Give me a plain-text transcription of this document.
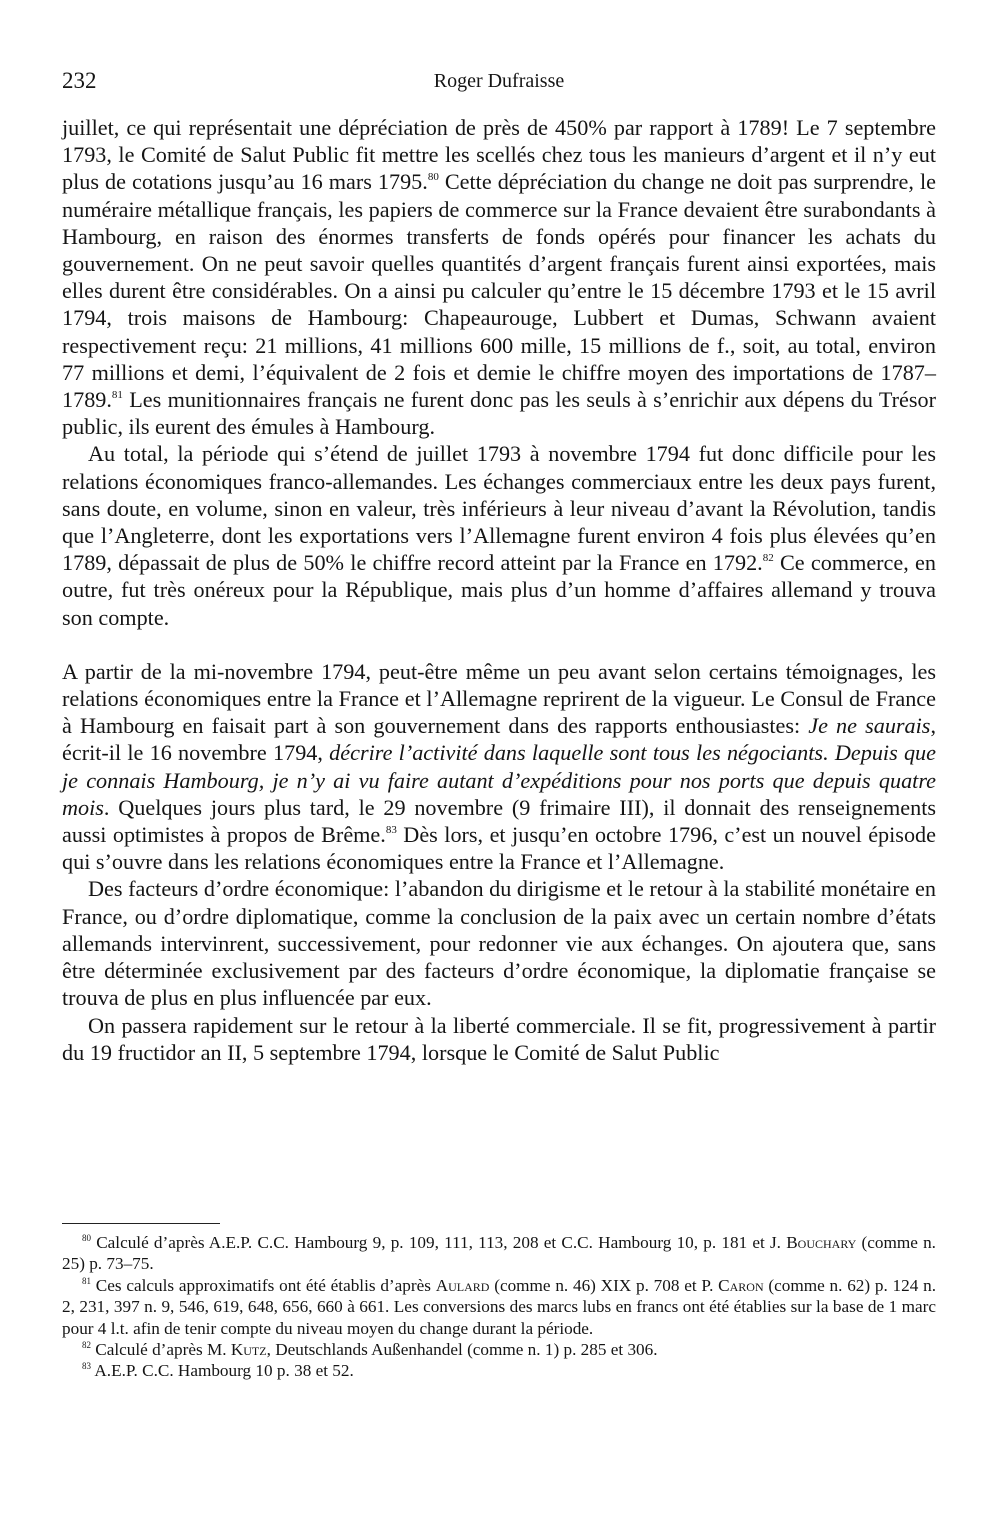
232	Roger Dufraisse

juillet, ce qui représentait une dépréciation de près de 450% par rapport à 1789! Le 7 septembre 1793, le Comité de Salut Public fit mettre les scellés chez tous les manieurs d’argent et il n’y eut plus de cotations jusqu’au 16 mars 1795.80 Cette dépréciation du change ne doit pas surprendre, le numéraire métallique français, les papiers de commerce sur la France devaient être surabondants à Hambourg, en raison des énormes transferts de fonds opérés pour financer les achats du gouvernement. On ne peut savoir quelles quantités d’argent français furent ainsi exportées, mais elles durent être considérables. On a ainsi pu calculer qu’entre le 15 décembre 1793 et le 15 avril 1794, trois maisons de Hambourg: Chapeaurouge, Lubbert et Dumas, Schwann avaient respectivement reçu: 21 millions, 41 millions 600 mille, 15 millions de f., soit, au total, environ 77 millions et demi, l’équivalent de 2 fois et demie le chiffre moyen des importations de 1787–1789.81 Les munitionnaires français ne furent donc pas les seuls à s’enrichir aux dépens du Trésor public, ils eurent des émules à Hambourg.

Au total, la période qui s’étend de juillet 1793 à novembre 1794 fut donc difficile pour les relations économiques franco-allemandes. Les échanges commerciaux entre les deux pays furent, sans doute, en volume, sinon en valeur, très inférieurs à leur niveau d’avant la Révolution, tandis que l’Angleterre, dont les exportations vers l’Allemagne furent environ 4 fois plus élevées qu’en 1789, dépassait de plus de 50% le chiffre record atteint par la France en 1792.82 Ce commerce, en outre, fut très onéreux pour la République, mais plus d’un homme d’affaires allemand y trouva son compte.

A partir de la mi-novembre 1794, peut-être même un peu avant selon certains témoignages, les relations économiques entre la France et l’Allemagne reprirent de la vigueur. Le Consul de France à Hambourg en faisait part à son gouvernement dans des rapports enthousiastes: Je ne saurais, écrit-il le 16 novembre 1794, décrire l’activité dans laquelle sont tous les négociants. Depuis que je connais Hambourg, je n’y ai vu faire autant d’expéditions pour nos ports que depuis quatre mois. Quelques jours plus tard, le 29 novembre (9 frimaire III), il donnait des renseignements aussi optimistes à propos de Brême.$^{83}$ Dès lors, et jusqu’en octobre 1796, c’est un nouvel épisode qui s’ouvre dans les relations économiques entre la France et l’Allemagne.

Des facteurs d’ordre économique: l’abandon du dirigisme et le retour à la stabilité monétaire en France, ou d’ordre diplomatique, comme la conclusion de la paix avec un certain nombre d’états allemands intervinrent, successivement, pour redonner vie aux échanges. On ajoutera que, sans être déterminée exclusivement par des facteurs d’ordre économique, la diplomatie française se trouva de plus en plus influencée par eux.

On passera rapidement sur le retour à la liberté commerciale. Il se fit, progressivement à partir du 19 fructidor an II, 5 septembre 1794, lorsque le Comité de Salut Public

$^{80}$ Calculé d’après A.E.P. C.C. Hambourg 9, p. 109, 111, 113, 208 et C.C. Hambourg 10, p. 181 et J. Bouchary (comme n. 25) p. 73–75.

$^{81}$ Ces calculs approximatifs ont été établis d’après Aulard (comme n. 46) XIX p. 708 et P. Caron (comme n. 62) p. 124 n. 2, 231, 397 n. 9, 546, 619, 648, 656, 660 à 661. Les conversions des marcs lubs en francs ont été établies sur la base de 1 marc pour 4 l.t. afin de tenir compte du niveau moyen du change durant la période.

$^{82}$ Calculé d’après M. Kutz, Deutschlands Außenhandel (comme n. 1) p. 285 et 306.

$^{83}$ A.E.P. C.C. Hambourg 10 p. 38 et 52.
